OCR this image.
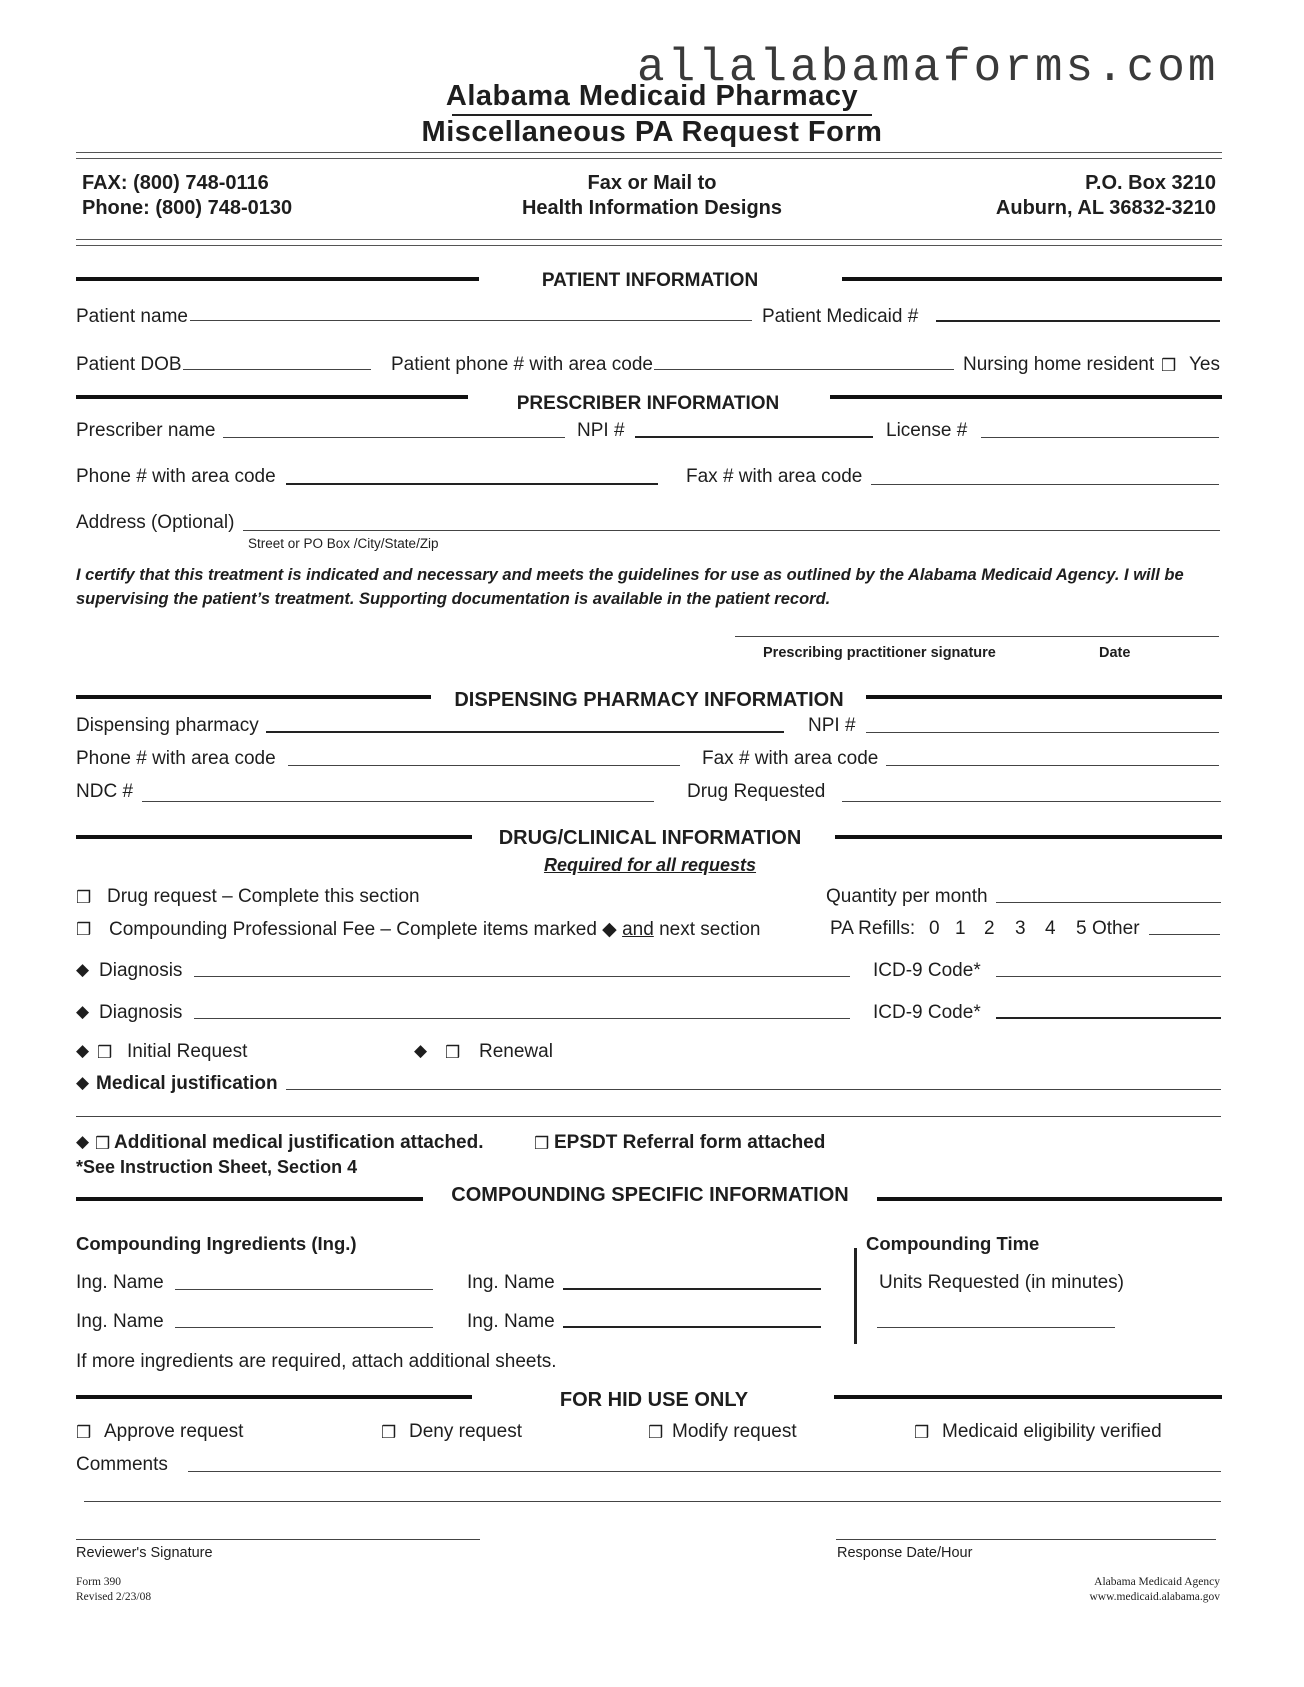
allalabamaforms.com
Alabama Medicaid Pharmacy
Miscellaneous PA Request Form
FAX: (800) 748-0116
Phone: (800) 748-0130
Fax or Mail to
Health Information Designs
P.O. Box 3210
Auburn, AL 36832-3210
PATIENT INFORMATION
Patient name	Patient Medicaid #
Patient DOB	Patient phone # with area code	Nursing home resident ❒ Yes
PRESCRIBER INFORMATION
Prescriber name	NPI #	License #
Phone # with area code	Fax # with area code
Address (Optional)
Street or PO Box /City/State/Zip
I certify that this treatment is indicated and necessary and meets the guidelines for use as outlined by the Alabama Medicaid Agency. I will be supervising the patient’s treatment. Supporting documentation is available in the patient record.
Prescribing practitioner signature	Date
DISPENSING PHARMACY INFORMATION
Dispensing pharmacy	NPI #
Phone # with area code	Fax # with area code
NDC #	Drug Requested
DRUG/CLINICAL INFORMATION
Required for all requests
❒ Drug request – Complete this section	Quantity per month
❒ Compounding Professional Fee – Complete items marked ◆ and next section	PA Refills: 0 1 2 3 4 5 Other
◆ Diagnosis	ICD-9 Code*
◆ Diagnosis	ICD-9 Code*
◆ ❒ Initial Request	◆ ❒ Renewal
◆ Medical justification
◆ ❒ Additional medical justification attached.	❒ EPSDT Referral form attached
*See Instruction Sheet, Section 4
COMPOUNDING SPECIFIC INFORMATION
Compounding Ingredients (Ing.)	Compounding Time
Ing. Name	Ing. Name	Units Requested (in minutes)
Ing. Name	Ing. Name
If more ingredients are required, attach additional sheets.
FOR HID USE ONLY
❒ Approve request	❒ Deny request	❒ Modify request	❒ Medicaid eligibility verified
Comments
Reviewer's Signature	Response Date/Hour
Form 390
Revised 2/23/08
Alabama Medicaid Agency
www.medicaid.alabama.gov
